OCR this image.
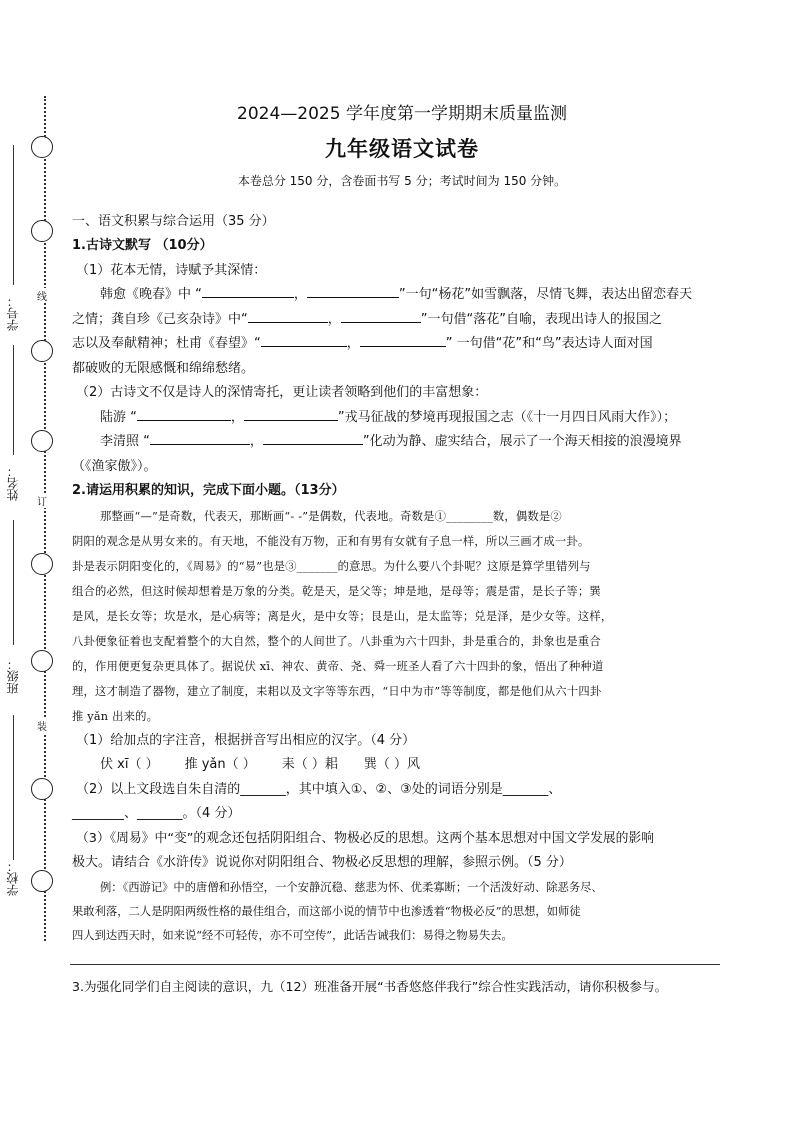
线
订
装
学号：
姓名：
班级：
学校：
2024—2025 学年度第一学期期末质量监测
九年级语文试卷
本卷总分 150 分，含卷面书写 5 分；考试时间为 150 分钟。

一、语文积累与综合运用（35 分）

1.古诗文默写 （10分）

（1）花本无情，诗赋予其深情：

韩愈《晚春》中 “	，	”一句“杨花”如雪飘落，尽情飞舞，表达出留恋春天

之情；龚自珍《己亥杂诗》中“	，	”一句借“落花”自喻，表现出诗人的报国之

志以及奉献精神；杜甫《春望》“	，	” 一句借“花”和“鸟”表达诗人面对国

都破败的无限感慨和绵绵愁绪。

（2）古诗文不仅是诗人的深情寄托，更让读者领略到他们的丰富想象：

陆游 “	，	”戎马征战的梦境再现报国之志（《十一月四日风雨大作》）；

李清照 “	，	”化动为静、虚实结合，展示了一个海天相接的浪漫境界

（《渔家傲》）。

2.请运用积累的知识，完成下面小题。（13分）

那整画“—”是奇数，代表天，那断画“- -”是偶数，代表地。奇数是①________数，偶数是②

阴阳的观念是从男女来的。有天地，不能没有万物，正和有男有女就有子息一样，所以三画才成一卦。

卦是表示阴阳变化的，《周易》的“易”也是③_______的意思。为什么要八个卦呢？这原是算学里错列与

组合的必然，但这时候却想着是万象的分类。乾是天，是父等；坤是地，是母等；震是雷，是长子等；巽

是风，是长女等；坎是水，是心病等；离是火，是中女等；艮是山，是太监等；兑是泽，是少女等。这样，

八卦便象征着也支配着整个的大自然，整个的人间世了。八卦重为六十四卦，卦是重合的，卦象也是重合

的，作用便更复杂更具体了。据说伏 xī、神农、黄帝、尧、舜一班圣人看了六十四卦的象，悟出了种种道

理，这才制造了器物，建立了制度，耒耜以及文字等等东西，“日中为市”等等制度，都是他们从六十四卦

推 yǎn 出来的。

（1）给加点的字注音，根据拼音写出相应的汉字。（4 分）

伏 xī（ ） 推 yǎn（ ） 耒（ ）耜 巽（ ）风

（2）以上文段选自朱自清的_______，其中填入①、②、③处的词语分别是_______、

________、_______。（4 分）

（3）《周易》中“变”的观念还包括阴阳组合、物极必反的思想。这两个基本思想对中国文学发展的影响

极大。请结合《水浒传》说说你对阴阳组合、物极必反思想的理解，参照示例。（5 分）

例：《西游记》中的唐僧和孙悟空，一个安静沉稳、慈悲为怀、优柔寡断；一个活泼好动、除恶务尽、

果敢利落，二人是阴阳两级性格的最佳组合，而这部小说的情节中也渗透着“物极必反”的思想，如师徒

四人到达西天时，如来说“经不可轻传，亦不可空传”，此话告诫我们：易得之物易失去。

3.为强化同学们自主阅读的意识，九（12）班准备开展“书香悠悠伴我行”综合性实践活动，请你积极参与。
